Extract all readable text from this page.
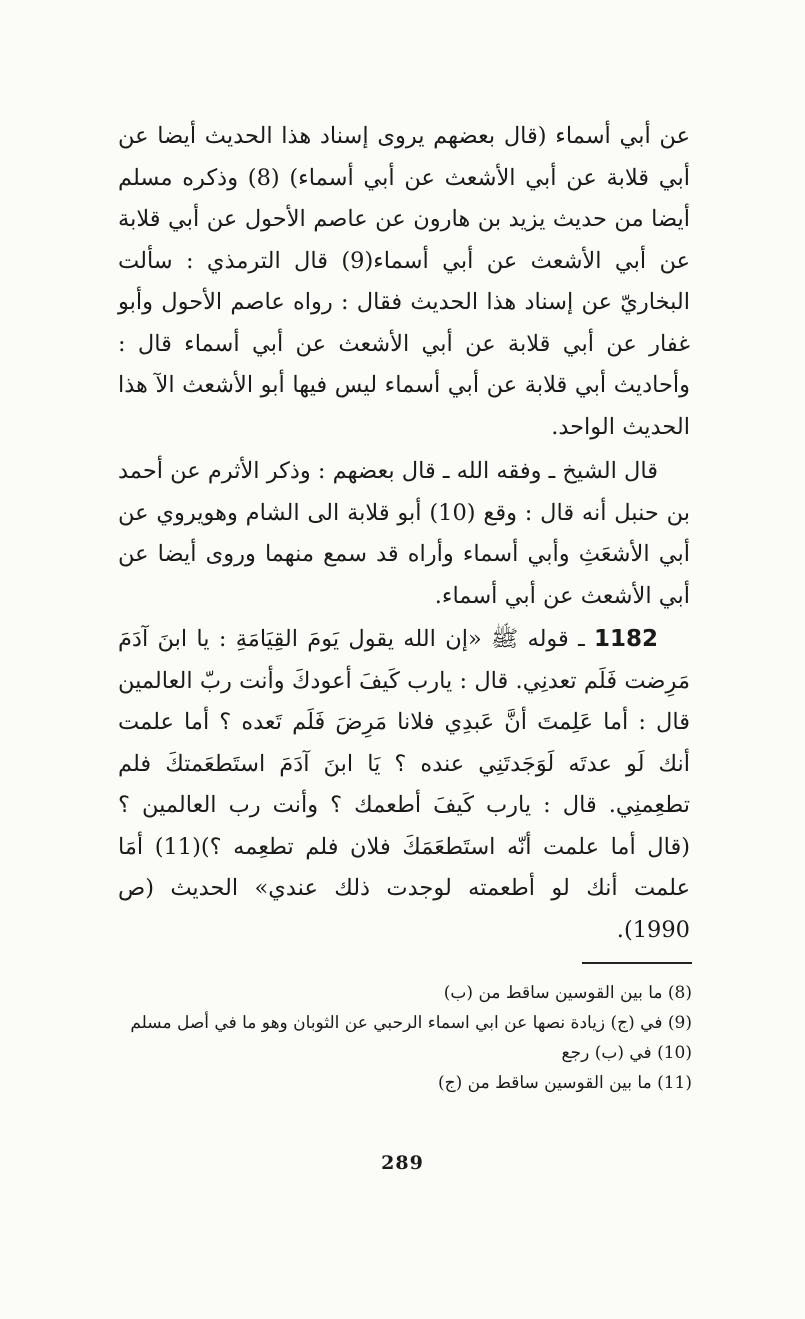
عن أبي أسماء (قال بعضهم يروى إسناد هذا الحديث أيضا عن أبي قلابة عن أبي الأشعث عن أبي أسماء) (8) وذكره مسلم أيضا من حديث يزيد بن هارون عن عاصم الأحول عن أبي قلابة عن أبي الأشعث عن أبي أسماء(9) قال الترمذي : سألت البخاريّ عن إسناد هذا الحديث فقال : رواه عاصم الأحول وأبو غفار عن أبي قلابة عن أبي الأشعث عن أبي أسماء قال : وأحاديث أبي قلابة عن أبي أسماء ليس فيها أبو الأشعث الآ هذا الحديث الواحد.
قال الشيخ ـ وفقه الله ـ قال بعضهم : وذكر الأثرم عن أحمد بن حنبل أنه قال : وقع (10) أبو قلابة الى الشام وهويروي عن أبي الأشعَثِ وأبي أسماء وأراه قد سمع منهما وروى أيضا عن أبي الأشعث عن أبي أسماء.
1182 ـ قوله ﷺ «إن الله يقول يَومَ القِيَامَةِ : يا ابنَ آدَمَ مَرِضت فَلَم تعدنِي. قال : يارب كَيفَ أعودكَ وأنت ربّ العالمين قال : أما عَلِمتَ أنَّ عَبدِي فلانا مَرِضَ فَلَم تَعده ؟ أما علمت أنك لَو عدتَه لَوَجَدتَنِي عنده ؟ يَا ابنَ آدَمَ استَطعَمتكَ فلم تطعِمنِي. قال : يارب كَيفَ أطعمك ؟ وأنت رب العالمين ؟ (قال أما علمت أنّه استَطعَمَكَ فلان فلم تطعِمه ؟)(11) أمَا علمت أنك لو أطعمته لوجدت ذلك عندي» الحديث (ص 1990).
(8) ما بين القوسين ساقط من (ب)
(9) في (ج) زيادة نصها عن ابي اسماء الرحبي عن الثوبان وهو ما في أصل مسلم
(10) في (ب) رجع
(11) ما بين القوسين ساقط من (ج)
289
